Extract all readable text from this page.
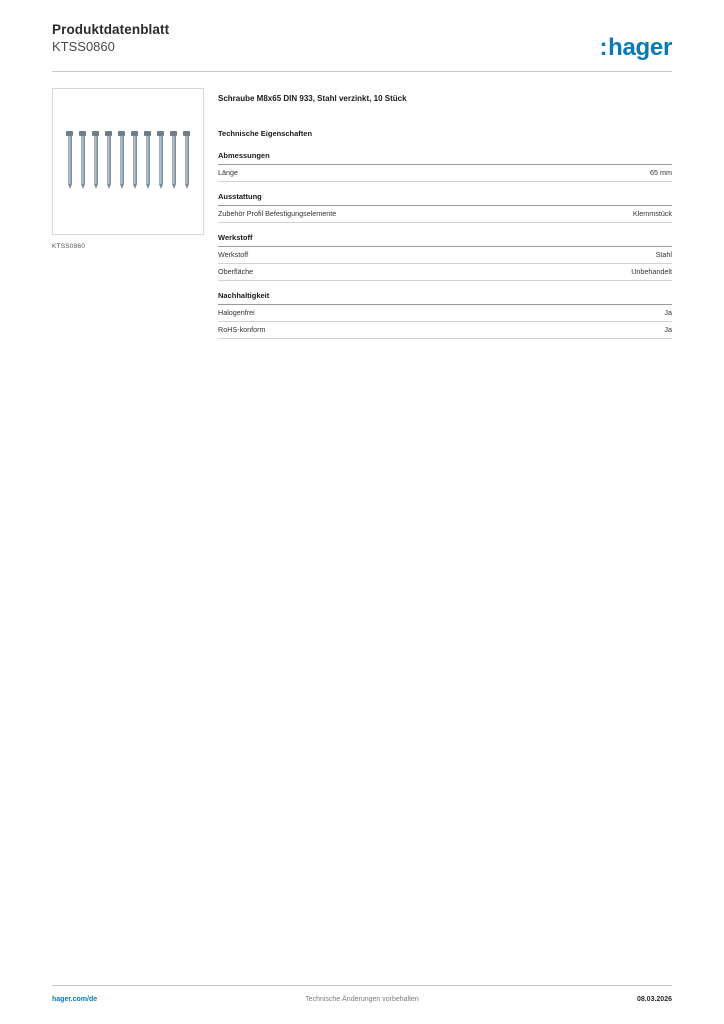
Produktdatenblatt
KTSS0860	:hager
KTSS0860
Schraube M8x65 DIN 933, Stahl verzinkt, 10 Stück
Technische Eigenschaften
Abmessungen
Länge	65 mm
Ausstattung
Zubehör Profil Befestigungselemente	Klemmstück
Werkstoff
Werkstoff	Stahl
Oberfläche	Unbehandelt
Nachhaltigkeit
Halogenfrei	Ja
RoHS-konform	Ja
hager.com/de	Technische Änderungen vorbehalten	08.03.2026
